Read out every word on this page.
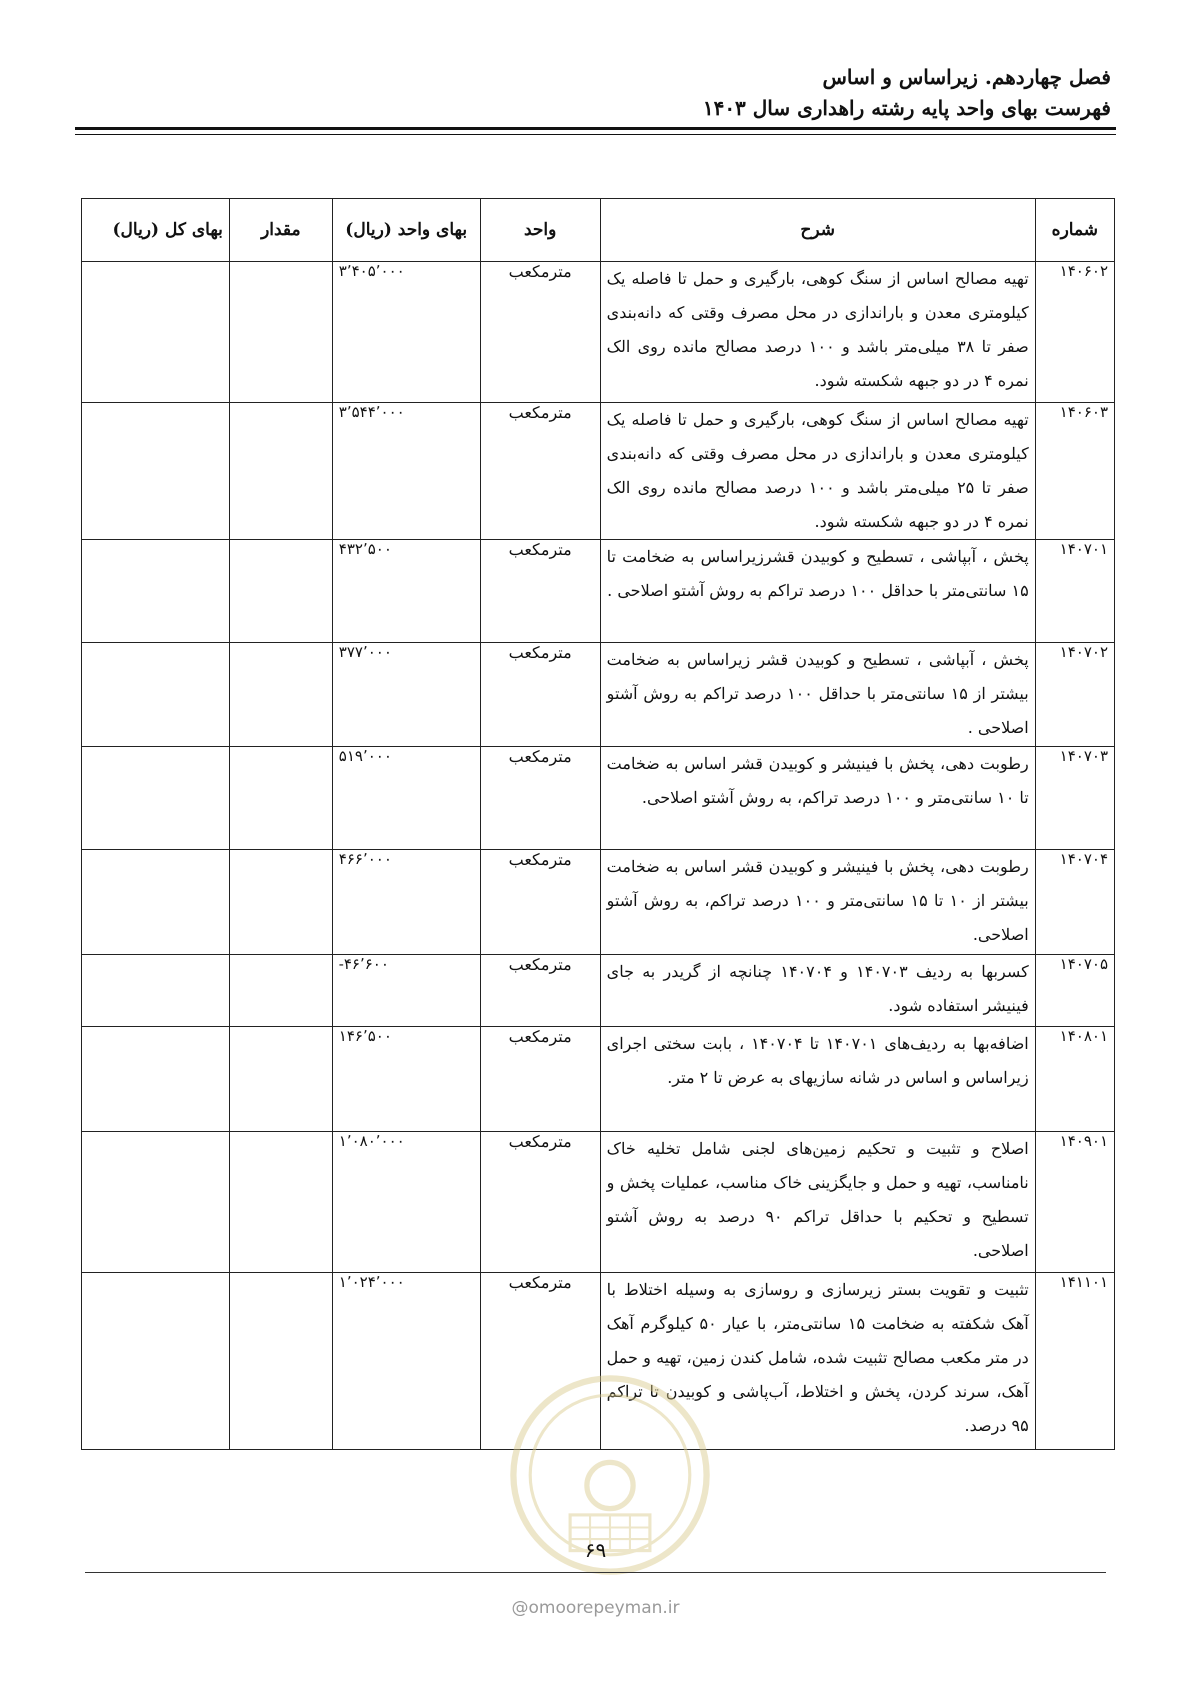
فصل چهاردهم. زیراساس و اساس
فهرست بهای واحد پایه رشته راهداری سال ۱۴۰۳
شماره	شرح	واحد	بهای واحد (ریال)	مقدار	بهای کل (ریال)
۱۴۰۶۰۲	تهیه مصالح اساس از سنگ کوهی، بارگیری و حمل تا فاصله یک کیلومتری معدن و باراندازی در محل مصرف وقتی که دانه‌بندی صفر تا ۳۸ میلی‌متر باشد و ۱۰۰ درصد مصالح مانده روی الک نمره ۴ در دو جبهه شکسته شود.	مترمکعب	۳٬۴۰۵٬۰۰۰		
۱۴۰۶۰۳	تهیه مصالح اساس از سنگ کوهی، بارگیری و حمل تا فاصله یک کیلومتری معدن و باراندازی در محل مصرف وقتی که دانه‌بندی صفر تا ۲۵ میلی‌متر باشد و ۱۰۰ درصد مصالح مانده روی الک نمره ۴ در دو جبهه شکسته شود.	مترمکعب	۳٬۵۴۴٬۰۰۰		
۱۴۰۷۰۱	پخش ، آبپاشی ، تسطیح و کوبیدن قشرزیراساس به ضخامت تا ۱۵ سانتی‌متر با حداقل ۱۰۰ درصد تراکم به روش آشتو اصلاحی .	مترمکعب	۴۳۲٬۵۰۰		
۱۴۰۷۰۲	پخش ، آبپاشی ، تسطیح و کوبیدن قشر زیراساس به ضخامت بیشتر از ۱۵ سانتی‌متر با حداقل ۱۰۰ درصد تراکم به روش آشتو اصلاحی .	مترمکعب	۳۷۷٬۰۰۰		
۱۴۰۷۰۳	رطوبت دهی، پخش با فینیشر و کوبیدن قشر اساس به ضخامت تا ۱۰ سانتی‌متر و ۱۰۰ درصد تراکم، به روش آشتو اصلاحی.	مترمکعب	۵۱۹٬۰۰۰		
۱۴۰۷۰۴	رطوبت دهی، پخش با فینیشر و کوبیدن قشر اساس به ضخامت بیشتر از ۱۰ تا ۱۵ سانتی‌متر و ۱۰۰ درصد تراکم، به روش آشتو اصلاحی.	مترمکعب	۴۶۶٬۰۰۰		
۱۴۰۷۰۵	کسربها به ردیف ۱۴۰۷۰۳ و ۱۴۰۷۰۴ چنانچه از گریدر به جای فینیشر استفاده شود.	مترمکعب	-۴۶٬۶۰۰		
۱۴۰۸۰۱	اضافه‌بها به ردیف‌های ۱۴۰۷۰۱ تا ۱۴۰۷۰۴ ، بابت سختی اجرای زیراساس و اساس در شانه سازیهای به عرض تا ۲ متر.	مترمکعب	۱۴۶٬۵۰۰		
۱۴۰۹۰۱	اصلاح و تثبیت و تحکیم زمین‌های لجنی شامل تخلیه خاک نامناسب، تهیه و حمل و جایگزینی خاک مناسب، عملیات پخش و تسطیح و تحکیم با حداقل تراکم ۹۰ درصد به روش آشتو اصلاحی.	مترمکعب	۱٬۰۸۰٬۰۰۰		
۱۴۱۱۰۱	تثبیت و تقویت بستر زیرسازی و روسازی به وسیله اختلاط با آهک شکفته به ضخامت ۱۵ سانتی‌متر، با عیار ۵۰ کیلوگرم آهک در متر مکعب مصالح تثبیت شده، شامل کندن زمین، تهیه و حمل آهک، سرند کردن، پخش و اختلاط، آب‌پاشی و کوبیدن تا تراکم ۹۵ درصد.	مترمکعب	۱٬۰۲۴٬۰۰۰		
۶۹
@omoorepeyman.ir
